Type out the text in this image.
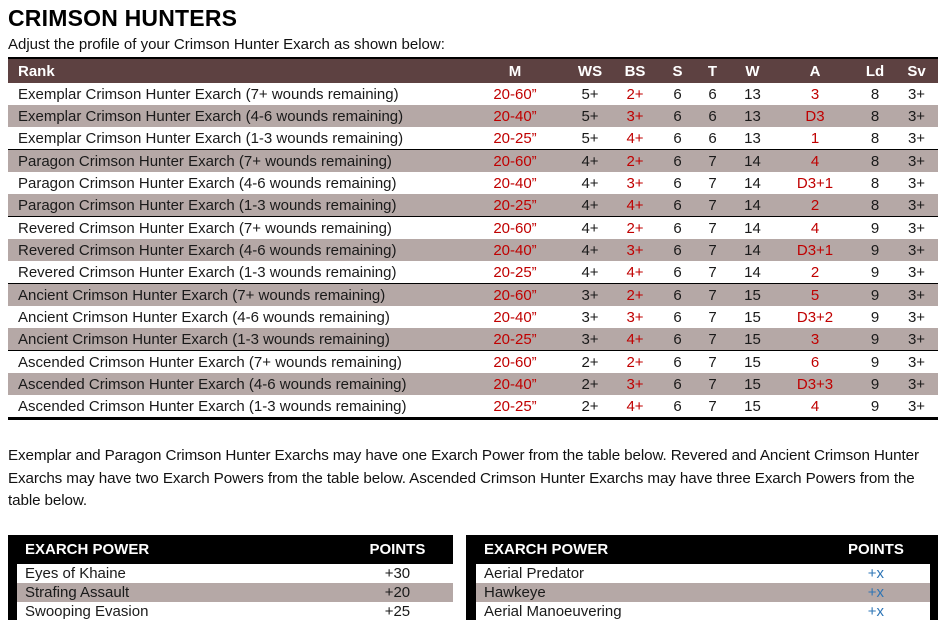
CRIMSON HUNTERS

Adjust the profile of your Crimson Hunter Exarch as shown below:

Rank	M	WS	BS	S	T	W	A	Ld	Sv
Exemplar Crimson Hunter Exarch (7+ wounds remaining)	20-60”	5+	2+	6	6	13	3	8	3+
Exemplar Crimson Hunter Exarch (4-6 wounds remaining)	20-40”	5+	3+	6	6	13	D3	8	3+
Exemplar Crimson Hunter Exarch (1-3 wounds remaining)	20-25”	5+	4+	6	6	13	1	8	3+
Paragon Crimson Hunter Exarch (7+ wounds remaining)	20-60”	4+	2+	6	7	14	4	8	3+
Paragon Crimson Hunter Exarch (4-6 wounds remaining)	20-40”	4+	3+	6	7	14	D3+1	8	3+
Paragon Crimson Hunter Exarch (1-3 wounds remaining)	20-25”	4+	4+	6	7	14	2	8	3+
Revered Crimson Hunter Exarch (7+ wounds remaining)	20-60”	4+	2+	6	7	14	4	9	3+
Revered Crimson Hunter Exarch (4-6 wounds remaining)	20-40”	4+	3+	6	7	14	D3+1	9	3+
Revered Crimson Hunter Exarch (1-3 wounds remaining)	20-25”	4+	4+	6	7	14	2	9	3+
Ancient Crimson Hunter Exarch (7+ wounds remaining)	20-60”	3+	2+	6	7	15	5	9	3+
Ancient Crimson Hunter Exarch (4-6 wounds remaining)	20-40”	3+	3+	6	7	15	D3+2	9	3+
Ancient Crimson Hunter Exarch (1-3 wounds remaining)	20-25”	3+	4+	6	7	15	3	9	3+
Ascended Crimson Hunter Exarch (7+ wounds remaining)	20-60”	2+	2+	6	7	15	6	9	3+
Ascended Crimson Hunter Exarch (4-6 wounds remaining)	20-40”	2+	3+	6	7	15	D3+3	9	3+
Ascended Crimson Hunter Exarch (1-3 wounds remaining)	20-25”	2+	4+	6	7	15	4	9	3+

Exemplar and Paragon Crimson Hunter Exarchs may have one Exarch Power from the table below. Revered and Ancient Crimson Hunter Exarchs may have two Exarch Powers from the table below. Ascended Crimson Hunter Exarchs may have three Exarch Powers from the table below.

EXARCH POWER	POINTS
Eyes of Khaine	+30
Strafing Assault	+20
Swooping Evasion	+25
EXARCH POWER	POINTS
Aerial Predator	+x
Hawkeye	+x
Aerial Manoeuvering	+x
